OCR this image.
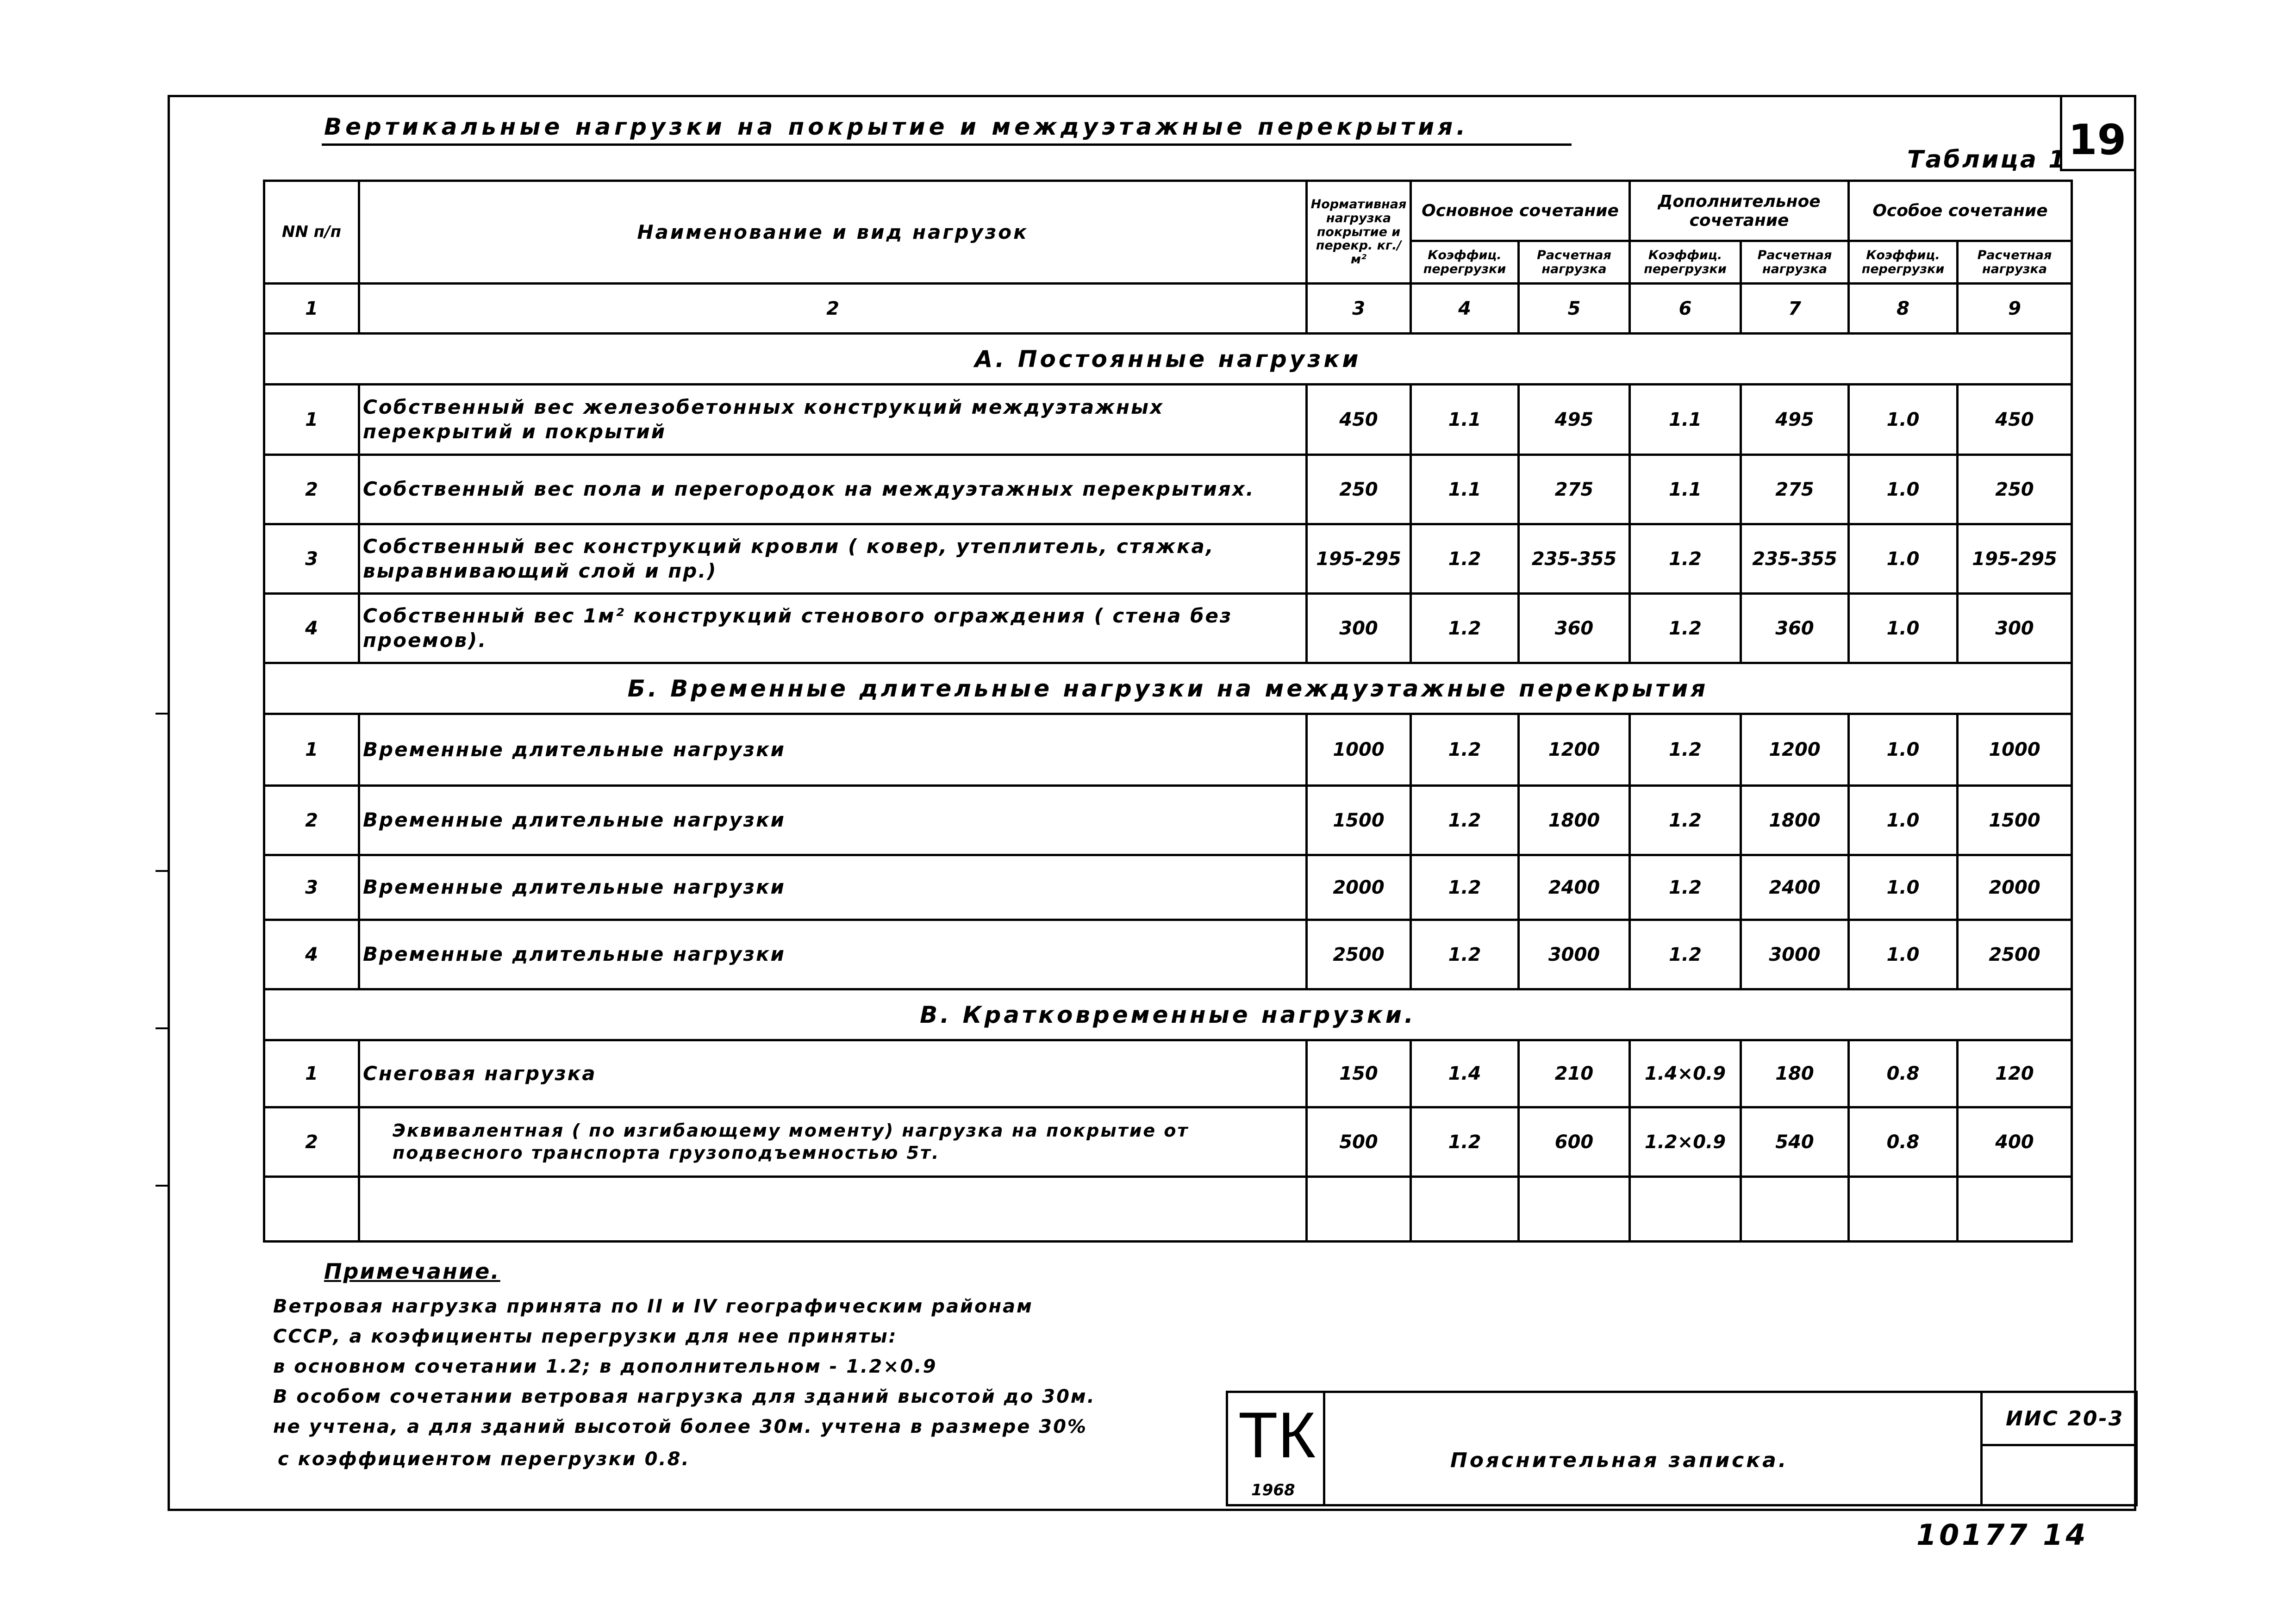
Вертикальные нагрузки на покрытие и междуэтажные перекрытия.
Таблица 1 19
NN п/п	Наименование и вид нагрузок	Нормативная нагрузка покрытие и перекр. кг./м²	Основное сочетание		Дополнительное сочетание		Особое сочетание	
			Коэффиц. перегрузки	Расчетная нагрузка	Коэффиц. перегрузки	Расчетная нагрузка	Коэффиц. перегрузки	Расчетная нагрузка
1	2	3	4	5	6	7	8	9
А. Постоянные нагрузки								
1	Собственный вес железобетонных конструкций междуэтажных перекрытий и покрытий	450	1.1	495	1.1	495	1.0	450
2	Собственный вес пола и перегородок на междуэтажных перекрытиях.	250	1.1	275	1.1	275	1.0	250
3	Собственный вес конструкций кровли ( ковер, утеплитель, стяжка, выравнивающий слой и пр.)	195-295	1.2	235-355	1.2	235-355	1.0	195-295
4	Собственный вес 1м² конструкций стенового ограждения ( стена без проемов).	300	1.2	360	1.2	360	1.0	300
Б. Временные длительные нагрузки на междуэтажные перекрытия								
1	Временные длительные нагрузки	1000	1.2	1200	1.2	1200	1.0	1000
2	Временные длительные нагрузки	1500	1.2	1800	1.2	1800	1.0	1500
3	Временные длительные нагрузки	2000	1.2	2400	1.2	2400	1.0	2000
4	Временные длительные нагрузки	2500	1.2	3000	1.2	3000	1.0	2500
В. Кратковременные нагрузки.								
1	Снеговая нагрузка	150	1.4	210	1.4×0.9	180	0.8	120
2	Эквивалентная ( по изгибающему моменту) нагрузка на покрытие от подвесного транспорта грузоподъемностью 5т.	500	1.2	600	1.2×0.9	540	0.8	400

Примечание.
Ветровая нагрузка принята по II и IV географическим районам
СССР, а коэфициенты перегрузки для нее приняты:
в основном сочетании 1.2; в дополнительном - 1.2×0.9
В особом сочетании ветровая нагрузка для зданий высотой до 30м.
не учтена, а для зданий высотой более 30м. учтена в размере 30%
с коэффициентом перегрузки 0.8.	ТК
1968
Пояснительная записка.
ИИС 20-3
10177 14
